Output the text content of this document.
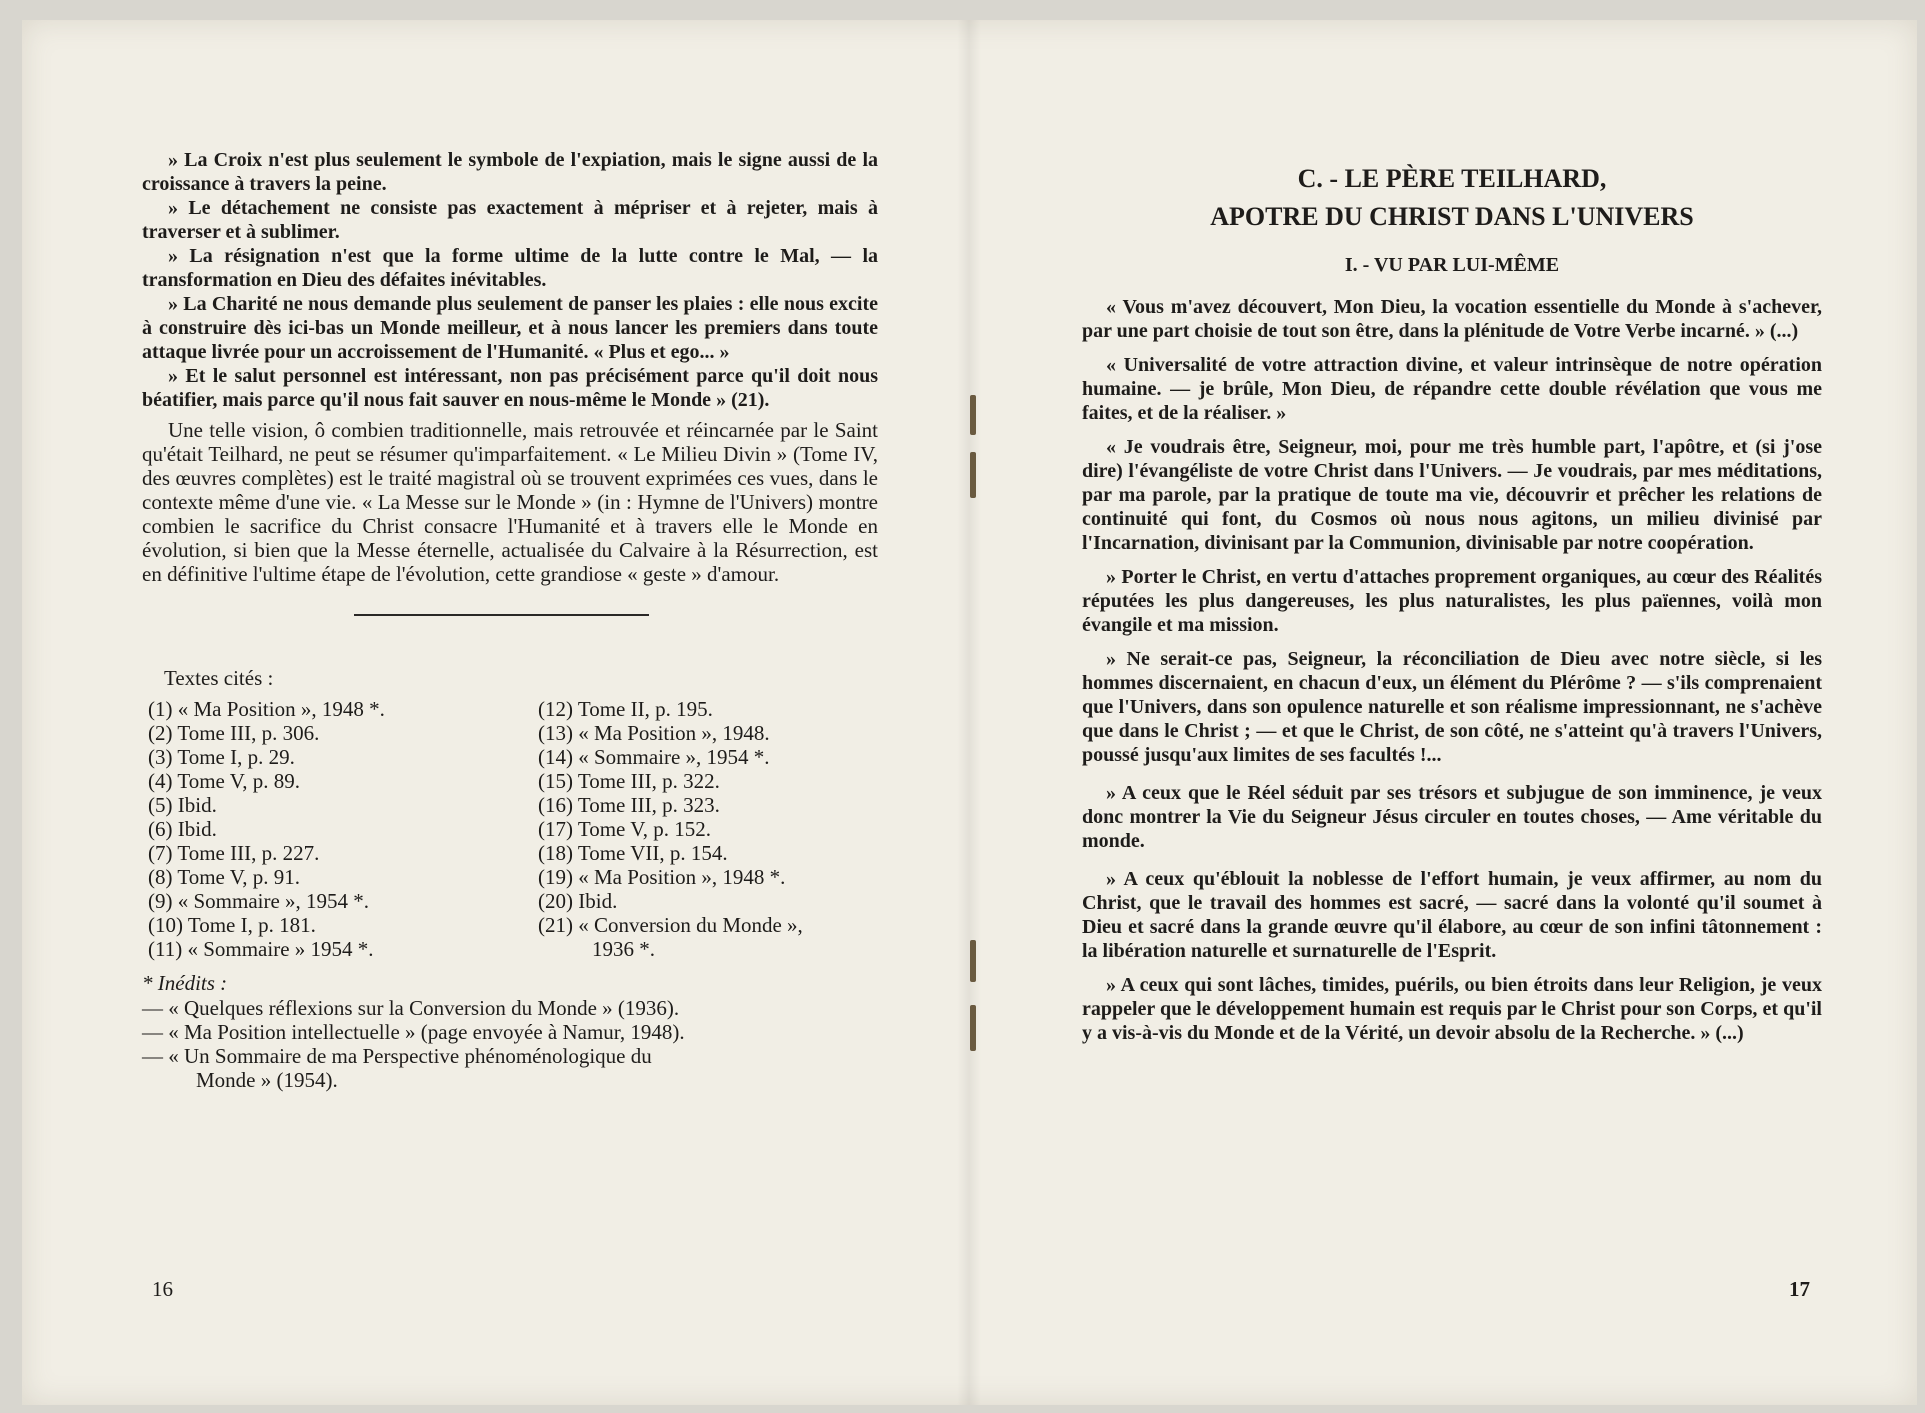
» La Croix n'est plus seulement le symbole de l'expiation, mais le signe aussi de la croissance à travers la peine.

» Le détachement ne consiste pas exactement à mépriser et à rejeter, mais à traverser et à sublimer.

» La résignation n'est que la forme ultime de la lutte contre le Mal, — la transformation en Dieu des défaites inévitables.

» La Charité ne nous demande plus seulement de panser les plaies : elle nous excite à construire dès ici-bas un Monde meilleur, et à nous lancer les premiers dans toute attaque livrée pour un accroissement de l'Humanité. « Plus et ego... »

» Et le salut personnel est intéressant, non pas précisément parce qu'il doit nous béatifier, mais parce qu'il nous fait sauver en nous-même le Monde » (21).

Une telle vision, ô combien traditionnelle, mais retrouvée et réincarnée par le Saint qu'était Teilhard, ne peut se résumer qu'imparfaitement. « Le Milieu Divin » (Tome IV, des œuvres complètes) est le traité magistral où se trouvent exprimées ces vues, dans le contexte même d'une vie. « La Messe sur le Monde » (in : Hymne de l'Univers) montre combien le sacrifice du Christ consacre l'Humanité et à travers elle le Monde en évolution, si bien que la Messe éternelle, actualisée du Calvaire à la Résurrection, est en définitive l'ultime étape de l'évolution, cette grandiose « geste » d'amour.

Textes cités :
(1) « Ma Position », 1948 *.
(2) Tome III, p. 306.
(3) Tome I, p. 29.
(4) Tome V, p. 89.
(5) Ibid.
(6) Ibid.
(7) Tome III, p. 227.
(8) Tome V, p. 91.
(9) « Sommaire », 1954 *.
(10) Tome I, p. 181.
(11) « Sommaire » 1954 *.
(12) Tome II, p. 195.
(13) « Ma Position », 1948.
(14) « Sommaire », 1954 *.
(15) Tome III, p. 322.
(16) Tome III, p. 323.
(17) Tome V, p. 152.
(18) Tome VII, p. 154.
(19) « Ma Position », 1948 *.
(20) Ibid.
(21) « Conversion du Monde »,
1936 *.
* Inédits :
— « Quelques réflexions sur la Conversion du Monde » (1936).
— « Ma Position intellectuelle » (page envoyée à Namur, 1948).
— « Un Sommaire de ma Perspective phénoménologique du
Monde » (1954).
16	17
C. - LE PÈRE TEILHARD,
APOTRE DU CHRIST DANS L'UNIVERS
I. - VU PAR LUI-MÊME

« Vous m'avez découvert, Mon Dieu, la vocation essentielle du Monde à s'achever, par une part choisie de tout son être, dans la plénitude de Votre Verbe incarné. » (...)

« Universalité de votre attraction divine, et valeur intrinsèque de notre opération humaine. — je brûle, Mon Dieu, de répandre cette double révélation que vous me faites, et de la réaliser. »

« Je voudrais être, Seigneur, moi, pour me très humble part, l'apôtre, et (si j'ose dire) l'évangéliste de votre Christ dans l'Univers. — Je voudrais, par mes méditations, par ma parole, par la pratique de toute ma vie, découvrir et prêcher les relations de continuité qui font, du Cosmos où nous nous agitons, un milieu divinisé par l'Incarnation, divinisant par la Communion, divinisable par notre coopération.

» Porter le Christ, en vertu d'attaches proprement organiques, au cœur des Réalités réputées les plus dangereuses, les plus naturalistes, les plus païennes, voilà mon évangile et ma mission.

» Ne serait-ce pas, Seigneur, la réconciliation de Dieu avec notre siècle, si les hommes discernaient, en chacun d'eux, un élément du Plérôme ? — s'ils comprenaient que l'Univers, dans son opulence naturelle et son réalisme impressionnant, ne s'achève que dans le Christ ; — et que le Christ, de son côté, ne s'atteint qu'à travers l'Univers, poussé jusqu'aux limites de ses facultés !...

» A ceux que le Réel séduit par ses trésors et subjugue de son imminence, je veux donc montrer la Vie du Seigneur Jésus circuler en toutes choses, — Ame véritable du monde.

» A ceux qu'éblouit la noblesse de l'effort humain, je veux affirmer, au nom du Christ, que le travail des hommes est sacré, — sacré dans la volonté qu'il soumet à Dieu et sacré dans la grande œuvre qu'il élabore, au cœur de son infini tâtonnement : la libération naturelle et surnaturelle de l'Esprit.

» A ceux qui sont lâches, timides, puérils, ou bien étroits dans leur Religion, je veux rappeler que le développement humain est requis par le Christ pour son Corps, et qu'il y a vis-à-vis du Monde et de la Vérité, un devoir absolu de la Recherche. » (...)
